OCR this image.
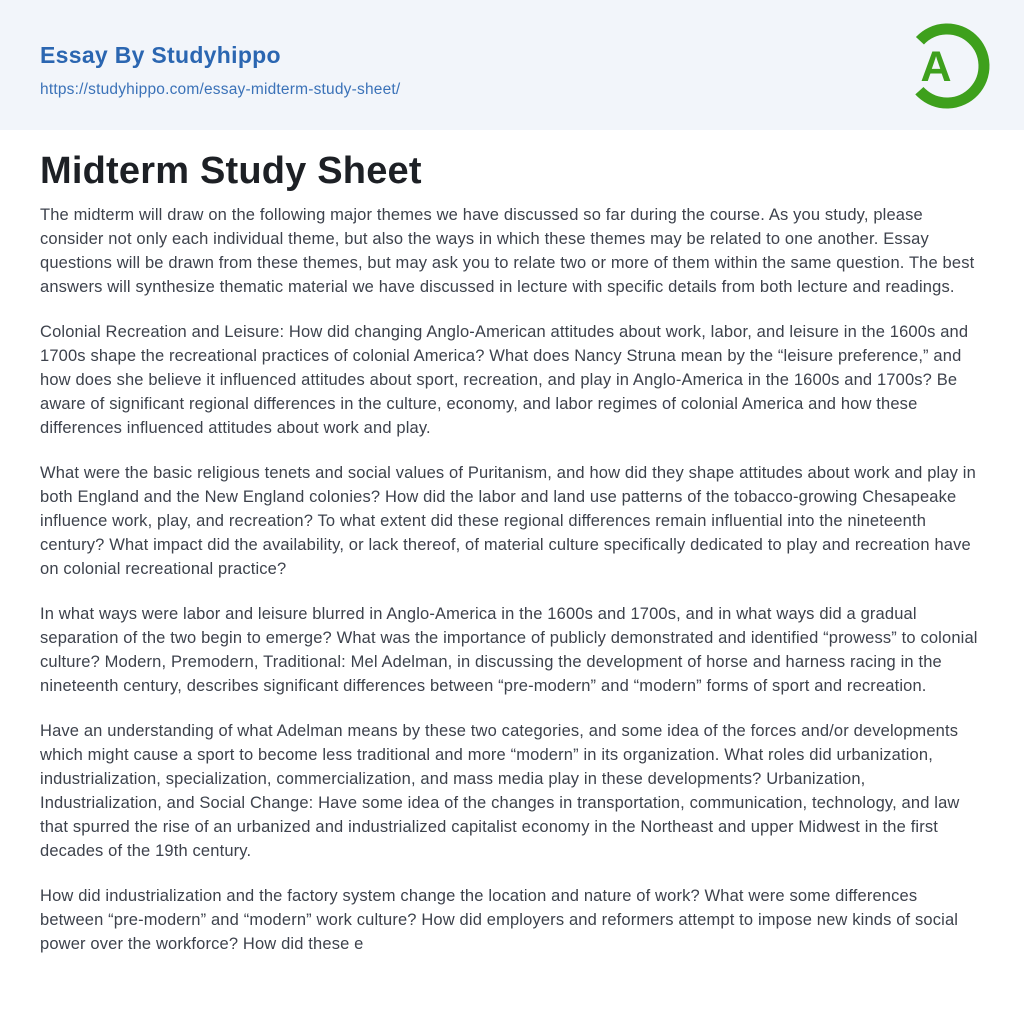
Essay By Studyhippo
https://studyhippo.com/essay-midterm-study-sheet/	A
Midterm Study Sheet

The midterm will draw on the following major themes we have discussed so far during the course. As you study, please consider not only each individual theme, but also the ways in which these themes may be related to one another. Essay questions will be drawn from these themes, but may ask you to relate two or more of them within the same question. The best answers will synthesize thematic material we have discussed in lecture with specific details from both lecture and readings.

Colonial Recreation and Leisure: How did changing Anglo-American attitudes about work, labor, and leisure in the 1600s and 1700s shape the recreational practices of colonial America? What does Nancy Struna mean by the “leisure preference,” and how does she believe it influenced attitudes about sport, recreation, and play in Anglo-America in the 1600s and 1700s? Be aware of significant regional differences in the culture, economy, and labor regimes of colonial America and how these differences influenced attitudes about work and play.

What were the basic religious tenets and social values of Puritanism, and how did they shape attitudes about work and play in both England and the New England colonies? How did the labor and land use patterns of the tobacco-growing Chesapeake influence work, play, and recreation? To what extent did these regional differences remain influential into the nineteenth century? What impact did the availability, or lack thereof, of material culture specifically dedicated to play and recreation have on colonial recreational practice?

In what ways were labor and leisure blurred in Anglo-America in the 1600s and 1700s, and in what ways did a gradual separation of the two begin to emerge? What was the importance of publicly demonstrated and identified “prowess” to colonial culture? Modern, Premodern, Traditional: Mel Adelman, in discussing the development of horse and harness racing in the nineteenth century, describes significant differences between “pre-modern” and “modern” forms of sport and recreation.

Have an understanding of what Adelman means by these two categories, and some idea of the forces and/or developments which might cause a sport to become less traditional and more “modern” in its organization. What roles did urbanization, industrialization, specialization, commercialization, and mass media play in these developments? Urbanization, Industrialization, and Social Change: Have some idea of the changes in transportation, communication, technology, and law that spurred the rise of an urbanized and industrialized capitalist economy in the Northeast and upper Midwest in the first decades of the 19th century.

How did industrialization and the factory system change the location and nature of work? What were some differences between “pre-modern” and “modern” work culture? How did employers and reformers attempt to impose new kinds of social power over the workforce? How did these e
